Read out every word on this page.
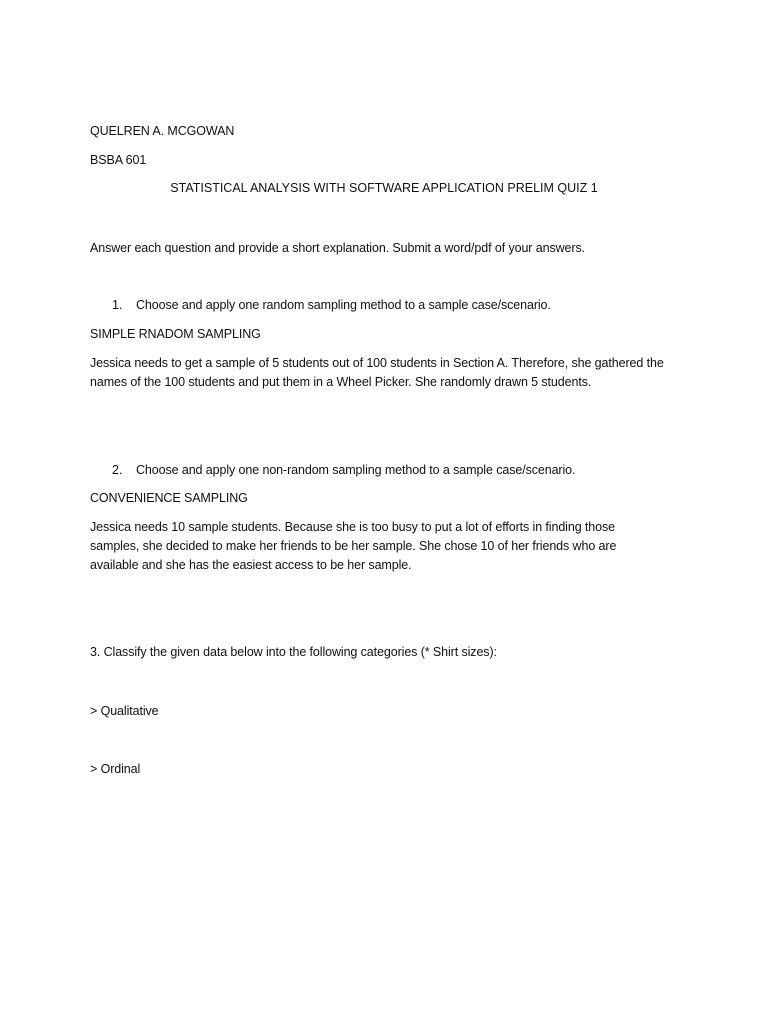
QUELREN A. MCGOWAN
BSBA 601
STATISTICAL ANALYSIS WITH SOFTWARE APPLICATION PRELIM QUIZ 1
Answer each question and provide a short explanation. Submit a word/pdf of your answers.
1. Choose and apply one random sampling method to a sample case/scenario.
SIMPLE RNADOM SAMPLING
Jessica needs to get a sample of 5 students out of 100 students in Section A. Therefore, she gathered the
names of the 100 students and put them in a Wheel Picker. She randomly drawn 5 students.
2. Choose and apply one non-random sampling method to a sample case/scenario.
CONVENIENCE SAMPLING
Jessica needs 10 sample students. Because she is too busy to put a lot of efforts in finding those
samples, she decided to make her friends to be her sample. She chose 10 of her friends who are
available and she has the easiest access to be her sample.
3. Classify the given data below into the following categories (* Shirt sizes):
> Qualitative
> Ordinal
